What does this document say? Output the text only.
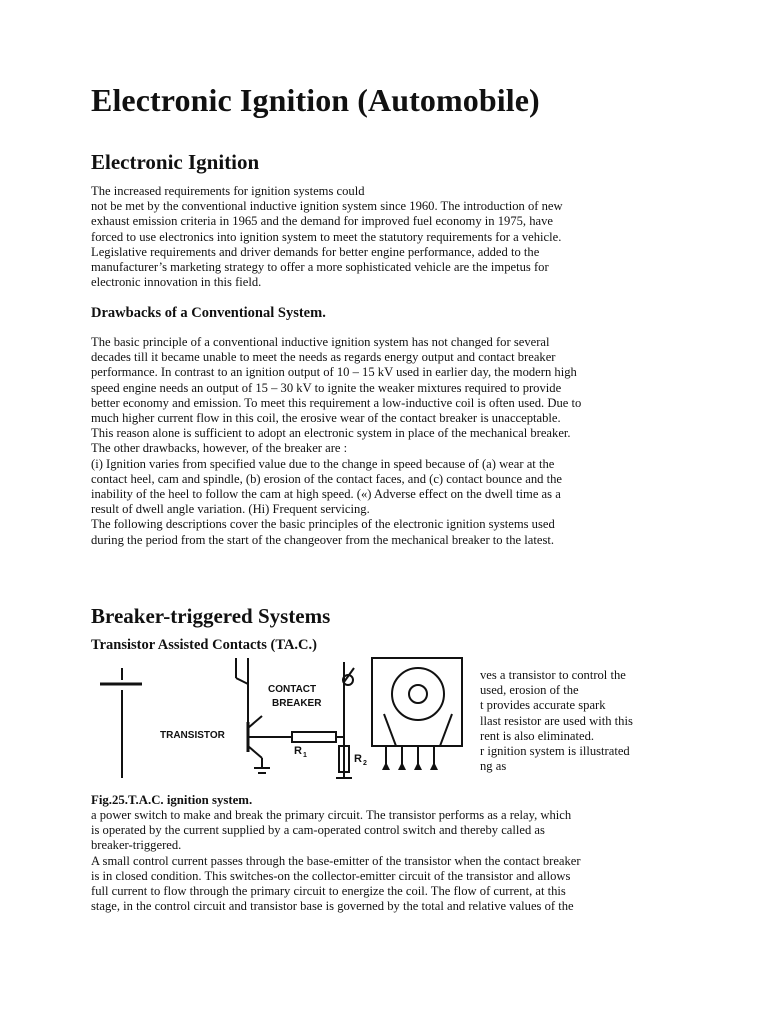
Electronic Ignition (Automobile)
Electronic Ignition
The increased requirements for ignition systems could
not be met by the conventional inductive ignition system since 1960. The introduction of new
exhaust emission criteria in 1965 and the demand for improved fuel economy in 1975, have
forced to use electronics into ignition system to meet the statutory requirements for a vehicle.
Legislative requirements and driver demands for better engine performance, added to the
manufacturer’s marketing strategy to offer a more sophisticated vehicle are the impetus for
electronic innovation in this field.
Drawbacks of a Conventional System.
The basic principle of a conventional inductive ignition system has not changed for several
decades till it became unable to meet the needs as regards energy output and contact breaker
performance. In contrast to an ignition output of 10 – 15 kV used in earlier day, the modern high
speed engine needs an output of 15 – 30 kV to ignite the weaker mixtures required to provide
better economy and emission. To meet this requirement a low-inductive coil is often used. Due to
much higher current flow in this coil, the erosive wear of the contact breaker is unacceptable.
This reason alone is sufficient to adopt an electronic system in place of the mechanical breaker.
The other drawbacks, however, of the breaker are :
(i) Ignition varies from specified value due to the change in speed because of (a) wear at the
contact heel, cam and spindle, (b) erosion of the contact faces, and (c) contact bounce and the
inability of the heel to follow the cam at high speed. («) Adverse effect on the dwell time as a
result of dwell angle variation. (Hi) Frequent servicing.
The following descriptions cover the basic principles of the electronic ignition systems used
during the period from the start of the changeover from the mechanical breaker to the latest.
Breaker-triggered Systems
Transistor Assisted Contacts (TA.C.)
CONTACT
BREAKER
TRANSISTOR
R 1	R 2
ves a transistor to control the
used, erosion of the
t provides accurate spark
llast resistor are used with this
rent is also eliminated.
r ignition system is illustrated
ng as
Fig.25.T.A.C. ignition system.
a power switch to make and break the primary circuit. The transistor performs as a relay, which
is operated by the current supplied by a cam-operated control switch and thereby called as
breaker-triggered.
A small control current passes through the base-emitter of the transistor when the contact breaker
is in closed condition. This switches-on the collector-emitter circuit of the transistor and allows
full current to flow through the primary circuit to energize the coil. The flow of current, at this
stage, in the control circuit and transistor base is governed by the total and relative values of the
